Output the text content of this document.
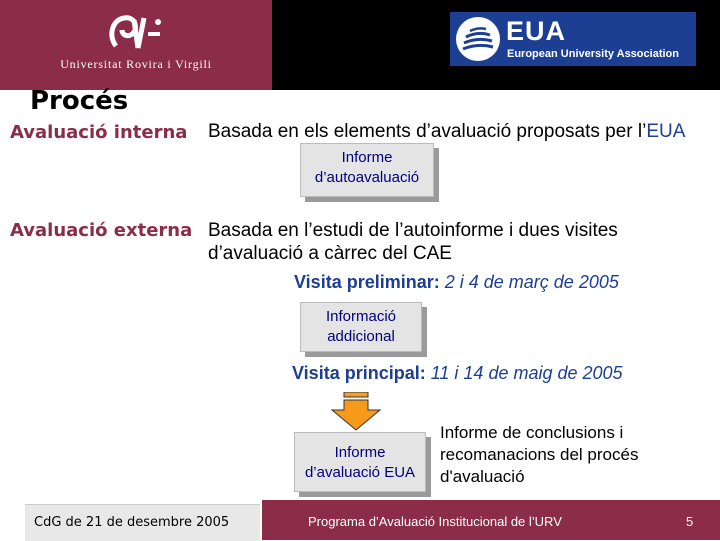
Universitat Rovira i Virgili
EUA
European University Association
Procés
Avaluació interna Basada en els elements d’avaluació proposats per l’EUA
Informe
d’autoavaluació
Avaluació externa Basada en l’estudi de l’autoinforme i dues visites
d’avaluació a càrrec del CAE
Visita preliminar: 2 i 4 de març de 2005
Informació
addicional
Visita principal: 11 i 14 de maig de 2005
Informe
d’avaluació EUA
Informe de conclusions i
recomanacions del procés
d'avaluació
CdG de 21 de desembre 2005	Programa d’Avaluació Institucional de l’URV	5
